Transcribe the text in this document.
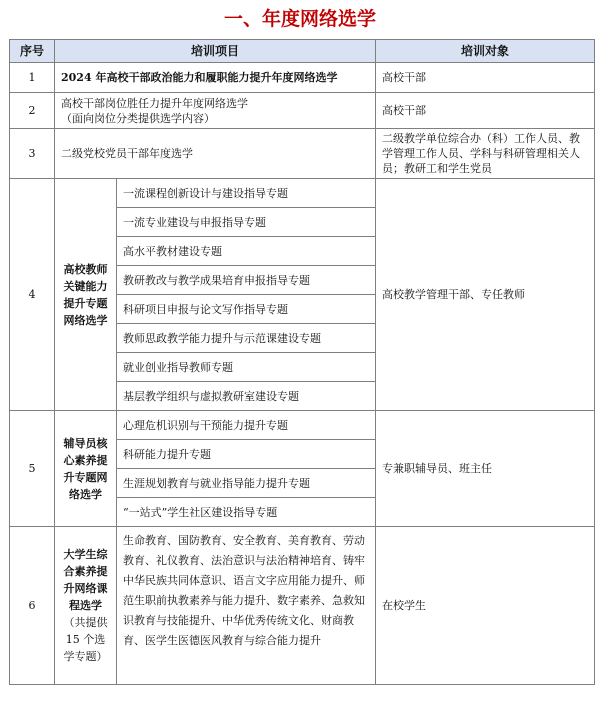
一、年度网络选学
序号	培训项目		培训对象
1	2024 年高校干部政治能力和履职能力提升年度网络选学		高校干部
2	高校干部岗位胜任力提升年度网络选学
（面向岗位分类提供选学内容）		高校干部
3	二级党校党员干部年度选学		二级教学单位综合办（科）工作人员、教学管理工作人员、学科与科研管理相关人员；教研工和学生党员
4	高校教师关键能力提升专题网络选学	一流课程创新设计与建设指导专题	高校教学管理干部、专任教师
		一流专业建设与申报指导专题	
		高水平教材建设专题	
		教研教改与教学成果培育申报指导专题	
		科研项目申报与论文写作指导专题	
		教师思政教学能力提升与示范课建设专题	
		就业创业指导教师专题	
		基层教学组织与虚拟教研室建设专题	
5	辅导员核心素养提升专题网络选学	心理危机识别与干预能力提升专题	专兼职辅导员、班主任
		科研能力提升专题	
		生涯规划教育与就业指导能力提升专题	
		“一站式”学生社区建设指导专题	
6	大学生综合素养提升网络课程选学
（共提供 15 个选学专题）	生命教育、国防教育、安全教育、美育教育、劳动教育、礼仪教育、法治意识与法治精神培育、铸牢中华民族共同体意识、语言文字应用能力提升、师范生职前执教素养与能力提升、数字素养、急救知识教育与技能提升、中华优秀传统文化、财商教育、医学生医德医风教育与综合能力提升	在校学生
